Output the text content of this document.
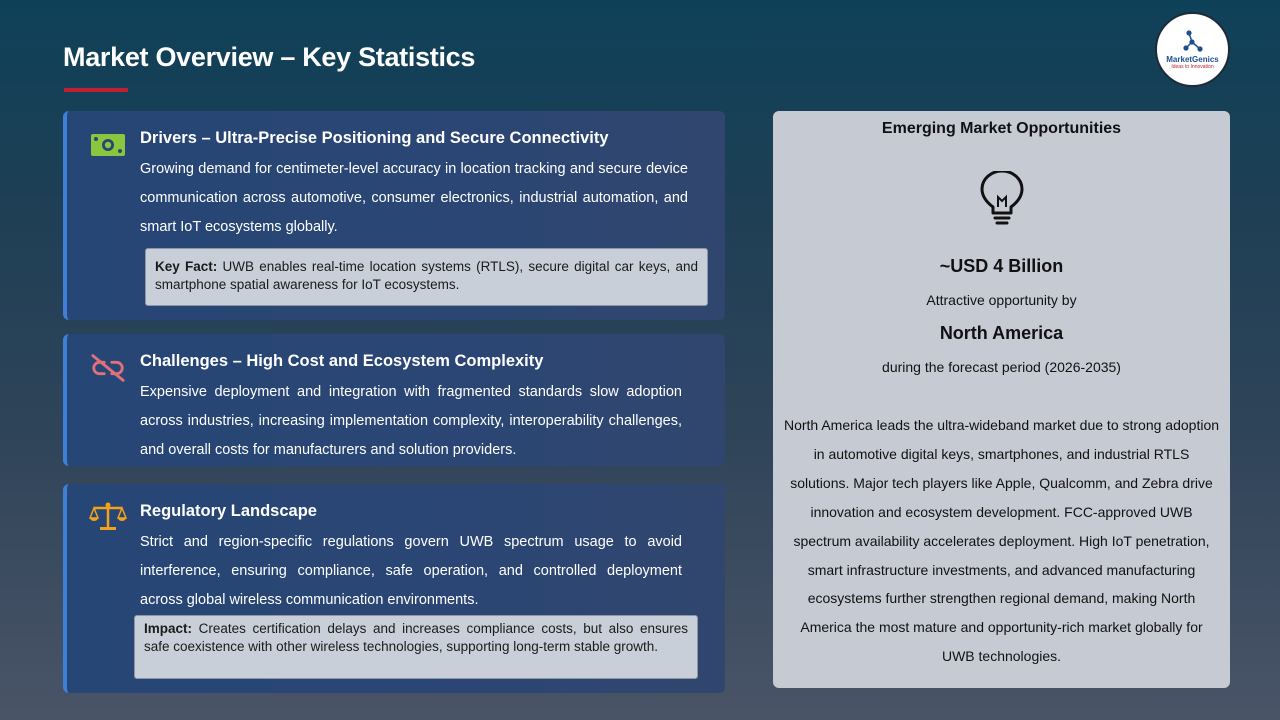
Market Overview – Key Statistics	MarketGenics
Ideas to Innovation
Drivers – Ultra-Precise Positioning and Secure Connectivity
Growing demand for centimeter-level accuracy in location tracking and secure device communication across automotive, consumer electronics, industrial automation, and smart IoT ecosystems globally.
Key Fact: UWB enables real-time location systems (RTLS), secure digital car keys, and smartphone spatial awareness for IoT ecosystems.
Challenges – High Cost and Ecosystem Complexity
Expensive deployment and integration with fragmented standards slow adoption across industries, increasing implementation complexity, interoperability challenges, and overall costs for manufacturers and solution providers.
Regulatory Landscape
Strict and region-specific regulations govern UWB spectrum usage to avoid interference, ensuring compliance, safe operation, and controlled deployment across global wireless communication environments.
Impact: Creates certification delays and increases compliance costs, but also ensures safe coexistence with other wireless technologies, supporting long-term stable growth.
Emerging Market Opportunities
~USD 4 Billion
Attractive opportunity by
North America
during the forecast period (2026-2035)
North America leads the ultra-wideband market due to strong adoption in automotive digital keys, smartphones, and industrial RTLS solutions. Major tech players like Apple, Qualcomm, and Zebra drive innovation and ecosystem development. FCC-approved UWB spectrum availability accelerates deployment. High IoT penetration, smart infrastructure investments, and advanced manufacturing ecosystems further strengthen regional demand, making North America the most mature and opportunity-rich market globally for UWB technologies.
